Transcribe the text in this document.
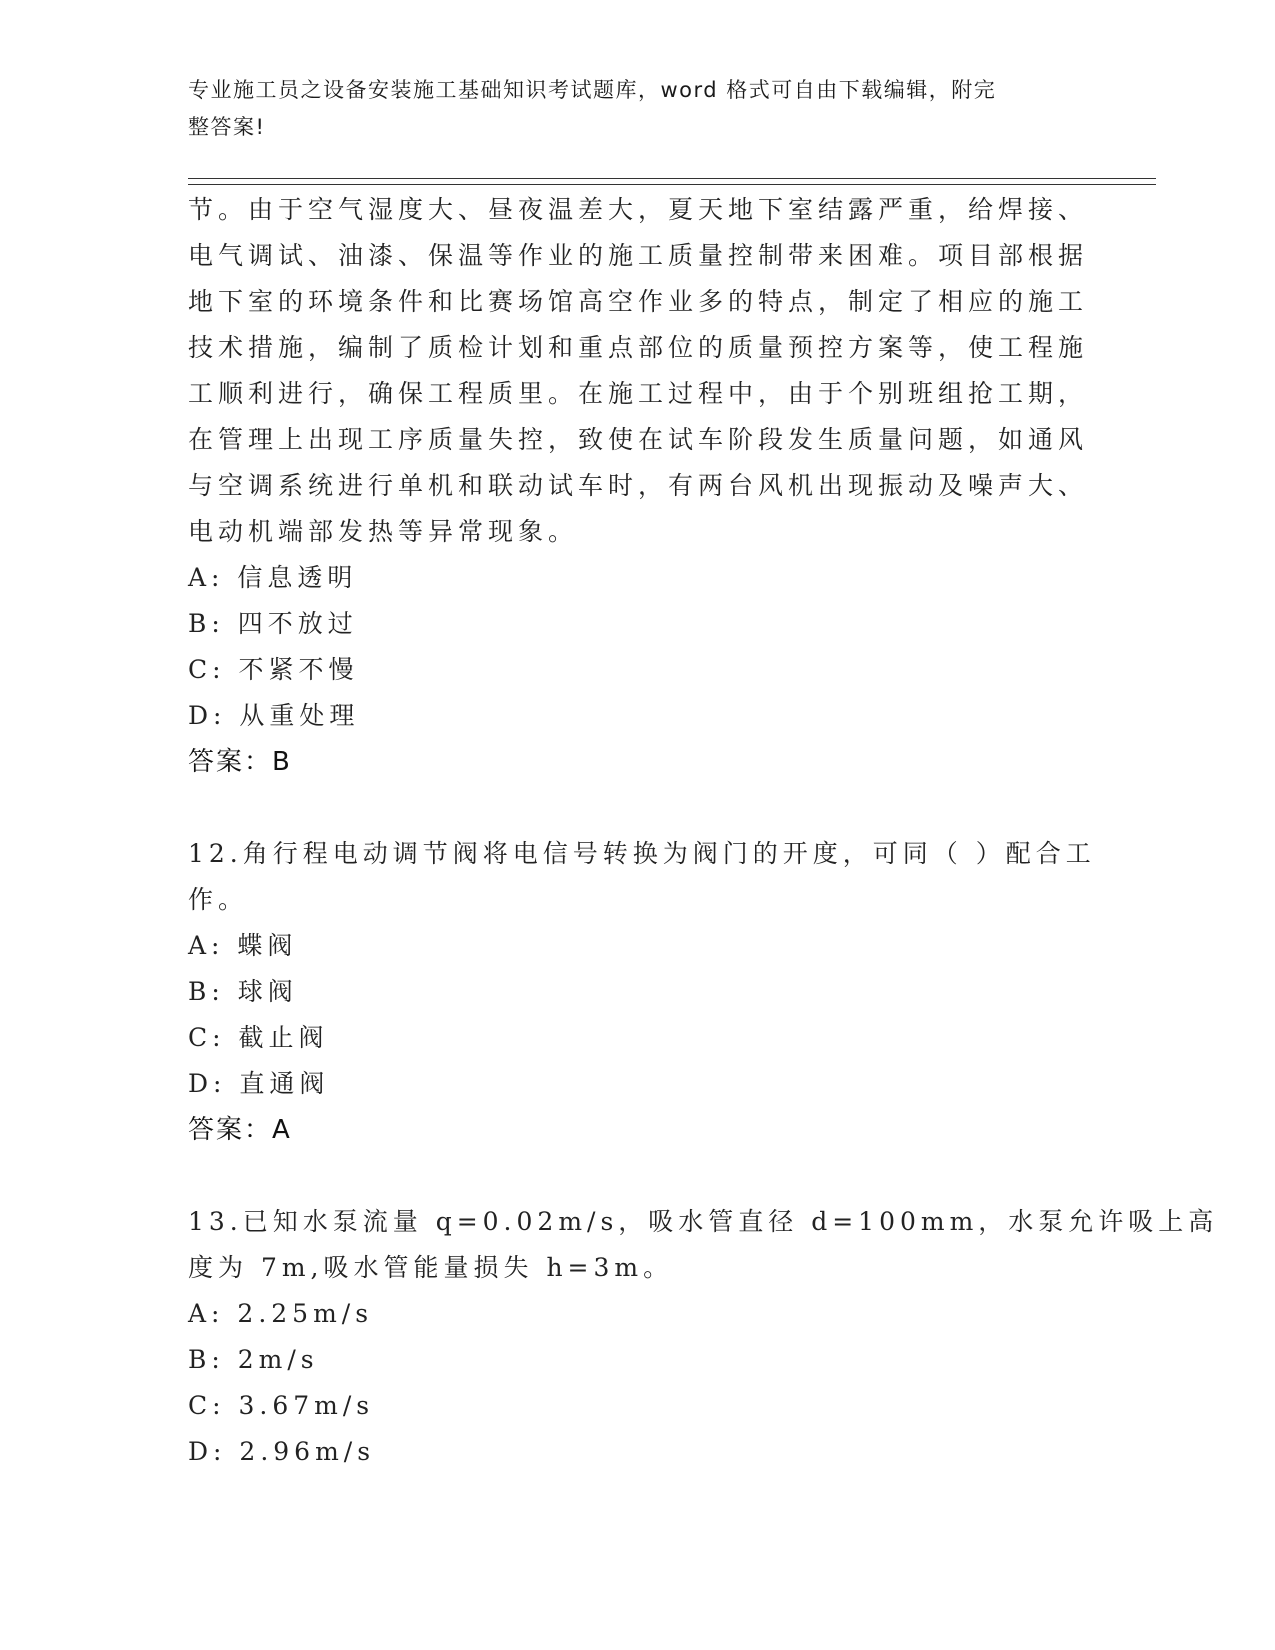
专业施工员之设备安装施工基础知识考试题库，word 格式可自由下载编辑，附完
整答案!
节。由于空气湿度大、昼夜温差大，夏天地下室结露严重，给焊接、
电气调试、油漆、保温等作业的施工质量控制带来困难。项目部根据
地下室的环境条件和比赛场馆高空作业多的特点，制定了相应的施工
技术措施，编制了质检计划和重点部位的质量预控方案等，使工程施
工顺利进行，确保工程质里。在施工过程中，由于个别班组抢工期，
在管理上出现工序质量失控，致使在试车阶段发生质量问题，如通风
与空调系统进行单机和联动试车时，有两台风机出现振动及噪声大、
电动机端部发热等异常现象。
A: 信息透明
B: 四不放过
C: 不紧不慢
D: 从重处理
答案：B
12.角行程电动调节阀将电信号转换为阀门的开度，可同（ ）配合工
作。
A: 蝶阀
B: 球阀
C: 截止阀
D: 直通阀
答案：A
13.已知水泵流量 q=0.02m/s，吸水管直径 d=100mm，水泵允许吸上高
度为 7m,吸水管能量损失 h=3m。
A: 2.25m/s
B: 2m/s
C: 3.67m/s
D: 2.96m/s
